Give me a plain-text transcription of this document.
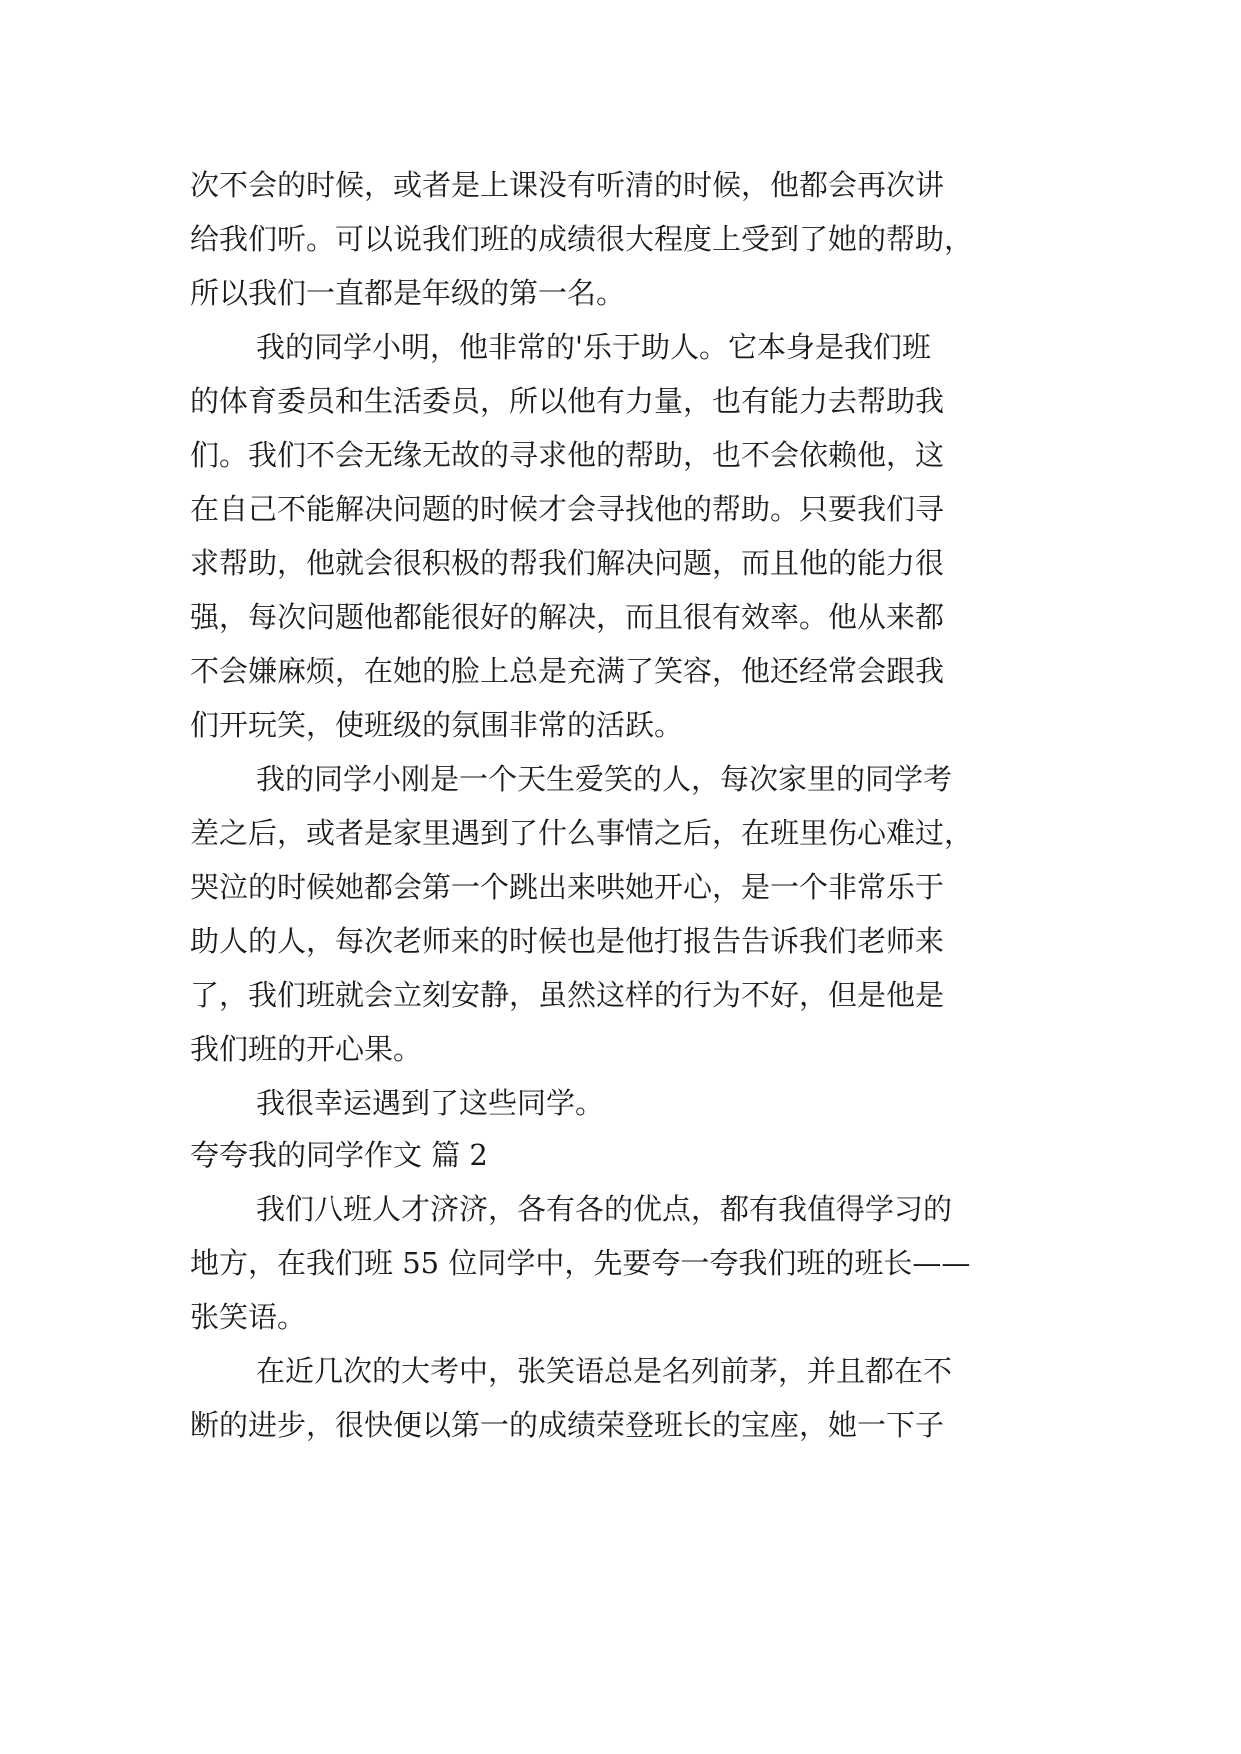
次不会的时候，或者是上课没有听清的时候，他都会再次讲
给我们听。可以说我们班的成绩很大程度上受到了她的帮助，
所以我们一直都是年级的第一名。
我的同学小明，他非常的'乐于助人。它本身是我们班
的体育委员和生活委员，所以他有力量，也有能力去帮助我
们。我们不会无缘无故的寻求他的帮助，也不会依赖他，这
在自己不能解决问题的时候才会寻找他的帮助。只要我们寻
求帮助，他就会很积极的帮我们解决问题，而且他的能力很
强，每次问题他都能很好的解决，而且很有效率。他从来都
不会嫌麻烦，在她的脸上总是充满了笑容，他还经常会跟我
们开玩笑，使班级的氛围非常的活跃。
我的同学小刚是一个天生爱笑的人，每次家里的同学考
差之后，或者是家里遇到了什么事情之后，在班里伤心难过，
哭泣的时候她都会第一个跳出来哄她开心，是一个非常乐于
助人的人，每次老师来的时候也是他打报告告诉我们老师来
了，我们班就会立刻安静，虽然这样的行为不好，但是他是
我们班的开心果。
我很幸运遇到了这些同学。
夸夸我的同学作文 篇 2
我们八班人才济济，各有各的优点，都有我值得学习的
地方，在我们班 55 位同学中，先要夸一夸我们班的班长——
张笑语。
在近几次的大考中，张笑语总是名列前茅，并且都在不
断的进步，很快便以第一的成绩荣登班长的宝座，她一下子
